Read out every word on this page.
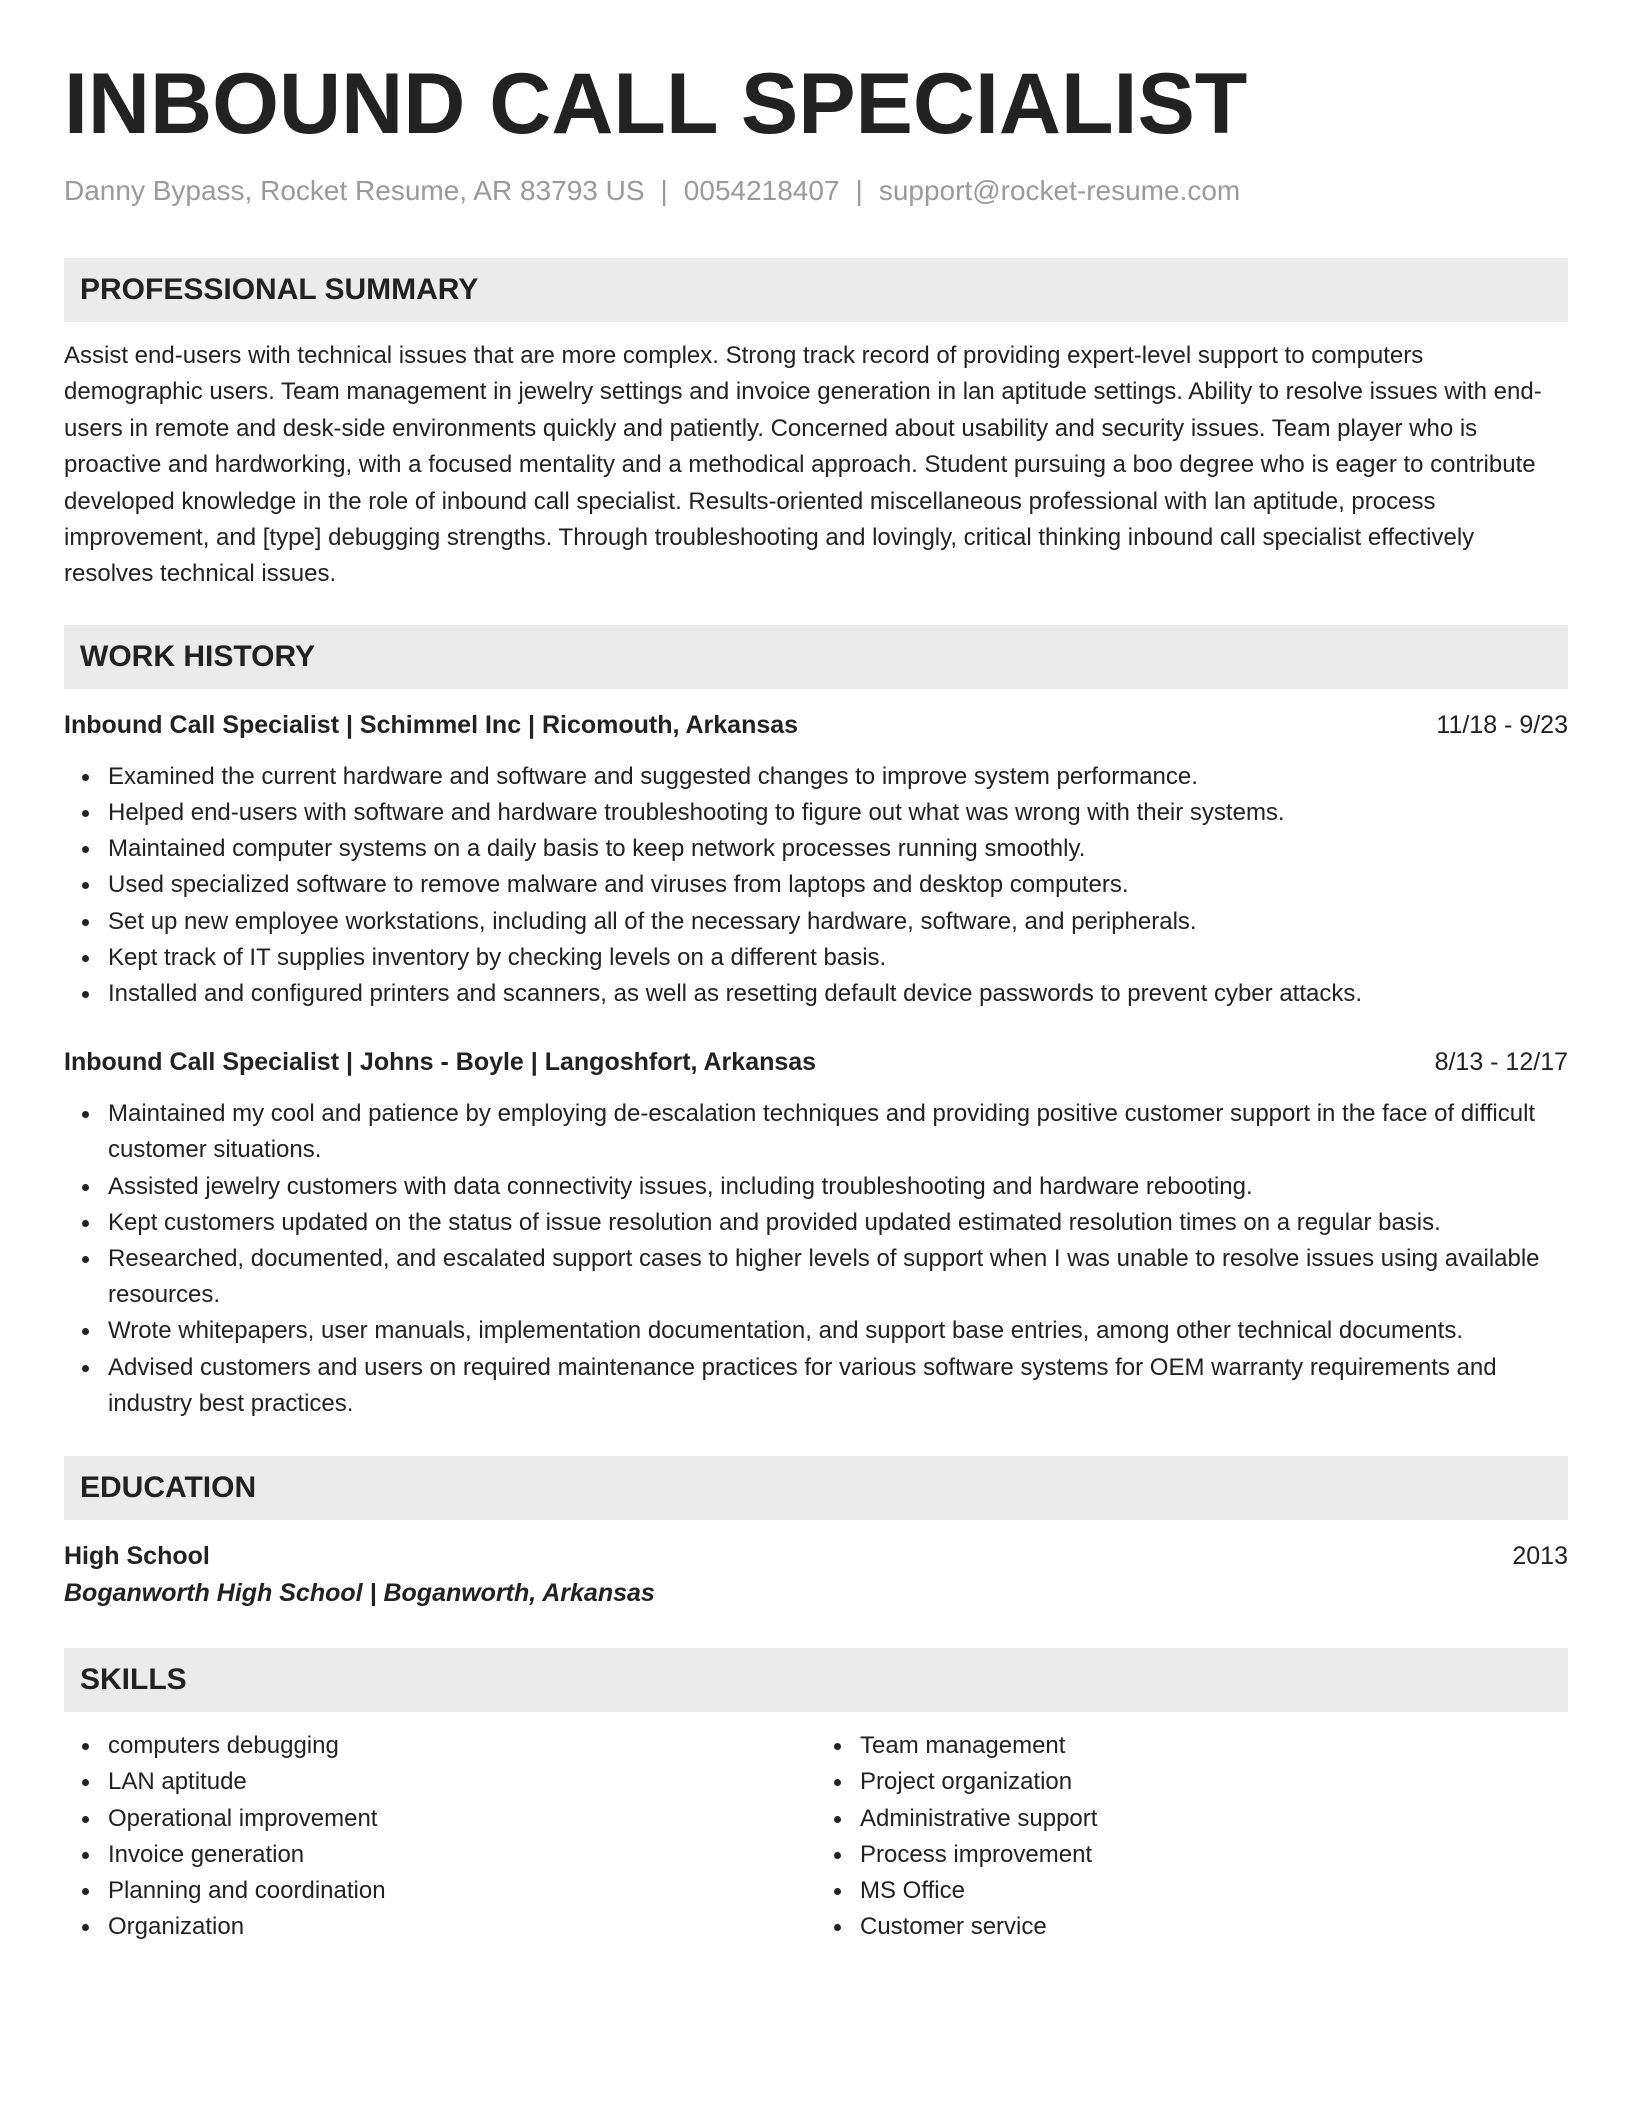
INBOUND CALL SPECIALIST
Danny Bypass, Rocket Resume, AR 83793 US | 0054218407 | support@rocket-resume.com
PROFESSIONAL SUMMARY

Assist end-users with technical issues that are more complex. Strong track record of providing expert-level support to computers demographic users. Team management in jewelry settings and invoice generation in lan aptitude settings. Ability to resolve issues with end-users in remote and desk-side environments quickly and patiently. Concerned about usability and security issues. Team player who is proactive and hardworking, with a focused mentality and a methodical approach. Student pursuing a boo degree who is eager to contribute developed knowledge in the role of inbound call specialist. Results-oriented miscellaneous professional with lan aptitude, process improvement, and [type] debugging strengths. Through troubleshooting and lovingly, critical thinking inbound call specialist effectively resolves technical issues.

WORK HISTORY
Inbound Call Specialist | Schimmel Inc | Ricomouth, Arkansas	11/18 - 9/23
Examined the current hardware and software and suggested changes to improve system performance.
Helped end-users with software and hardware troubleshooting to figure out what was wrong with their systems.
Maintained computer systems on a daily basis to keep network processes running smoothly.
Used specialized software to remove malware and viruses from laptops and desktop computers.
Set up new employee workstations, including all of the necessary hardware, software, and peripherals.
Kept track of IT supplies inventory by checking levels on a different basis.
Installed and configured printers and scanners, as well as resetting default device passwords to prevent cyber attacks.
Inbound Call Specialist | Johns - Boyle | Langoshfort, Arkansas	8/13 - 12/17
Maintained my cool and patience by employing de-escalation techniques and providing positive customer support in the face of difficult customer situations.
Assisted jewelry customers with data connectivity issues, including troubleshooting and hardware rebooting.
Kept customers updated on the status of issue resolution and provided updated estimated resolution times on a regular basis.
Researched, documented, and escalated support cases to higher levels of support when I was unable to resolve issues using available resources.
Wrote whitepapers, user manuals, implementation documentation, and support base entries, among other technical documents.
Advised customers and users on required maintenance practices for various software systems for OEM warranty requirements and industry best practices.
EDUCATION
High School	2013
Boganworth High School | Boganworth, Arkansas
SKILLS
computers debugging
LAN aptitude
Operational improvement
Invoice generation
Planning and coordination
Organization
Team management
Project organization
Administrative support
Process improvement
MS Office
Customer service
